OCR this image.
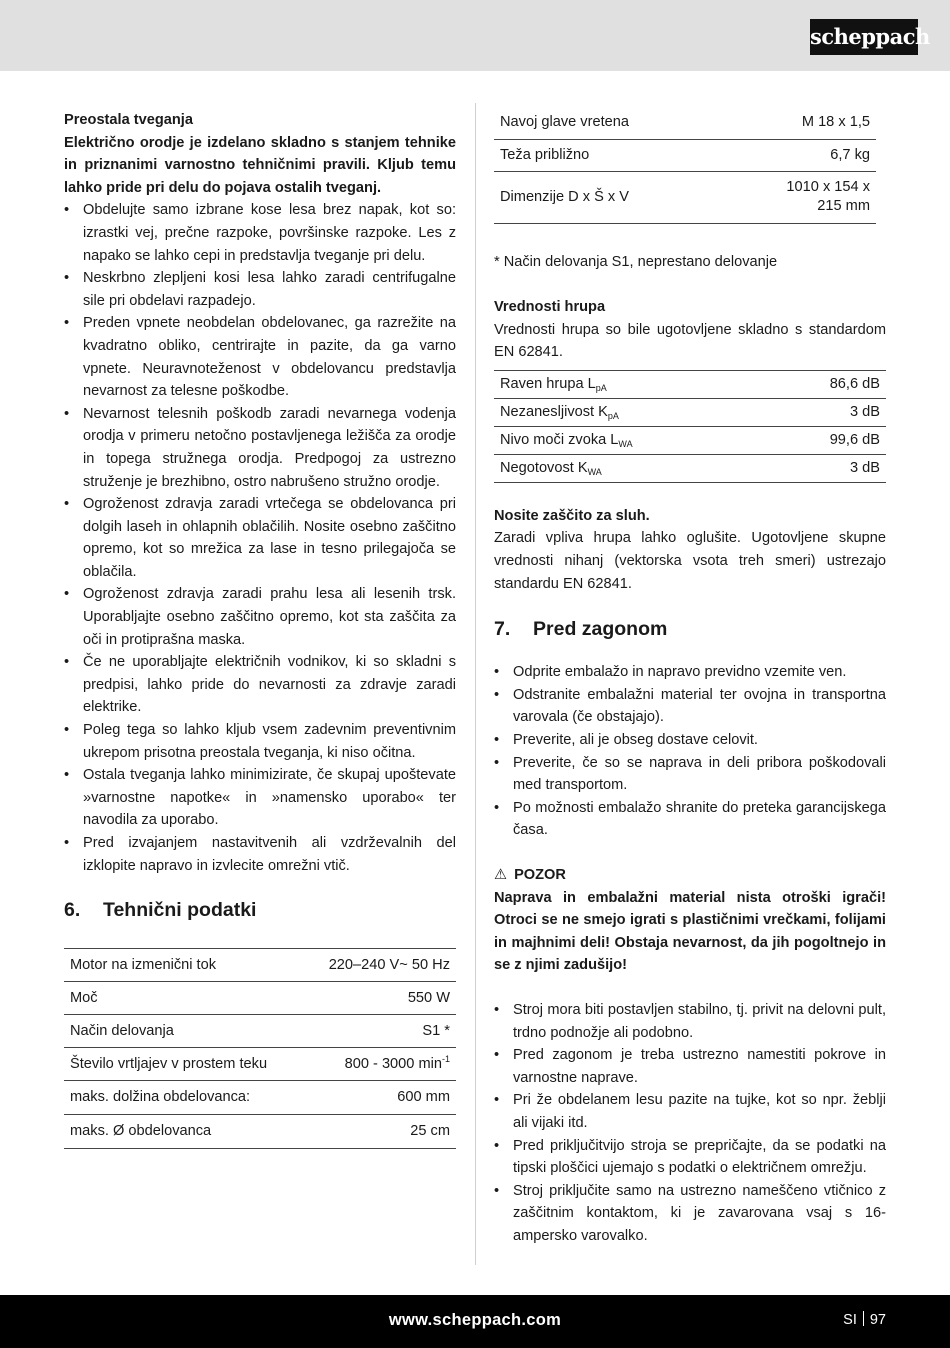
scheppach

Preostala tveganja

Električno orodje je izdelano skladno s stanjem tehnike in priznanimi varnostno tehničnimi pravili. Kljub temu lahko pride pri delu do pojava ostalih tveganj.

• Obdelujte samo izbrane kose lesa brez napak, kot so: izrastki vej, prečne razpoke, površinske razpoke. Les z napako se lahko cepi in predstavlja tveganje pri delu.
• Neskrbno zlepljeni kosi lesa lahko zaradi centrifugalne sile pri obdelavi razpadejo.
• Preden vpnete neobdelan obdelovanec, ga razrežite na kvadratno obliko, centrirajte in pazite, da ga varno vpnete. Neuravnoteženost v obdelovancu predstavlja nevarnost za telesne poškodbe.
• Nevarnost telesnih poškodb zaradi nevarnega vodenja orodja v primeru netočno postavljenega ležišča za orodje in topega stružnega orodja. Predpogoj za ustrezno struženje je brezhibno, ostro nabrušeno stružno orodje.
• Ogroženost zdravja zaradi vrtečega se obdelovanca pri dolgih laseh in ohlapnih oblačilih. Nosite osebno zaščitno opremo, kot so mrežica za lase in tesno prilegajoča se oblačila.
• Ogroženost zdravja zaradi prahu lesa ali lesenih trsk. Uporabljajte osebno zaščitno opremo, kot sta zaščita za oči in protiprašna maska.
• Če ne uporabljajte električnih vodnikov, ki so skladni s predpisi, lahko pride do nevarnosti za zdravje zaradi elektrike.
• Poleg tega so lahko kljub vsem zadevnim preventivnim ukrepom prisotna preostala tveganja, ki niso očitna.
• Ostala tveganja lahko minimizirate, če skupaj upoštevate »varnostne napotke« in »namensko uporabo« ter navodila za uporabo.
• Pred izvajanjem nastavitvenih ali vzdrževalnih del izklopite napravo in izvlecite omrežni vtič.
6.	Tehnični podatki
Motor na izmenični tok	220–240 V~ 50 Hz
Moč	550 W
Način delovanja	S1 *
Število vrtljajev v prostem teku	800 - 3000 $\min^{-1}$
maks. dolžina obdelovanca:	600 mm
maks. Ø obdelovanca	25 cm
Navoj glave vretena	M 18 x 1,5
Teža približno	6,7 kg
Dimenzije D x Š x V	1010 x 154 x
215 mm

* Način delovanja S1, neprestano delovanje

Vrednosti hrupa

Vrednosti hrupa so bile ugotovljene skladno s standardom EN 62841.

Raven hrupa $L_{pA}$	86,6 dB
Nezanesljivost $K_{pA}$	3 dB
Nivo moči zvoka $L_{WA}$	99,6 dB
Negotovost $K_{WA}$	3 dB

Nosite zaščito za sluh.

Zaradi vpliva hrupa lahko oglušite. Ugotovljene skupne vrednosti nihanj (vektorska vsota treh smeri) ustrezajo standardu EN 62841.

7.	Pred zagonom
• Odprite embalažo in napravo previdno vzemite ven.
• Odstranite embalažni material ter ovojna in transportna varovala (če obstajajo).
• Preverite, ali je obseg dostave celovit.
• Preverite, če so se naprava in deli pribora poškodovali med transportom.
• Po možnosti embalažo shranite do preteka garancijskega časa.

⚠ POZOR

Naprava in embalažni material nista otroški igrači! Otroci se ne smejo igrati s plastičnimi vrečkami, folijami in majhnimi deli! Obstaja nevarnost, da jih pogoltnejo in se z njimi zadušijo!

• Stroj mora biti postavljen stabilno, tj. privit na delovni pult, trdno podnožje ali podobno.
• Pred zagonom je treba ustrezno namestiti pokrove in varnostne naprave.
• Pri že obdelanem lesu pazite na tujke, kot so npr. žeblji ali vijaki itd.
• Pred priključitvijo stroja se prepričajte, da se podatki na tipski ploščici ujemajo s podatki o električnem omrežju.
• Stroj priključite samo na ustrezno nameščeno vtičnico z zaščitnim kontaktom, ki je zavarovana vsaj s 16-ampersko varovalko.
www.scheppach.com	SI 97
